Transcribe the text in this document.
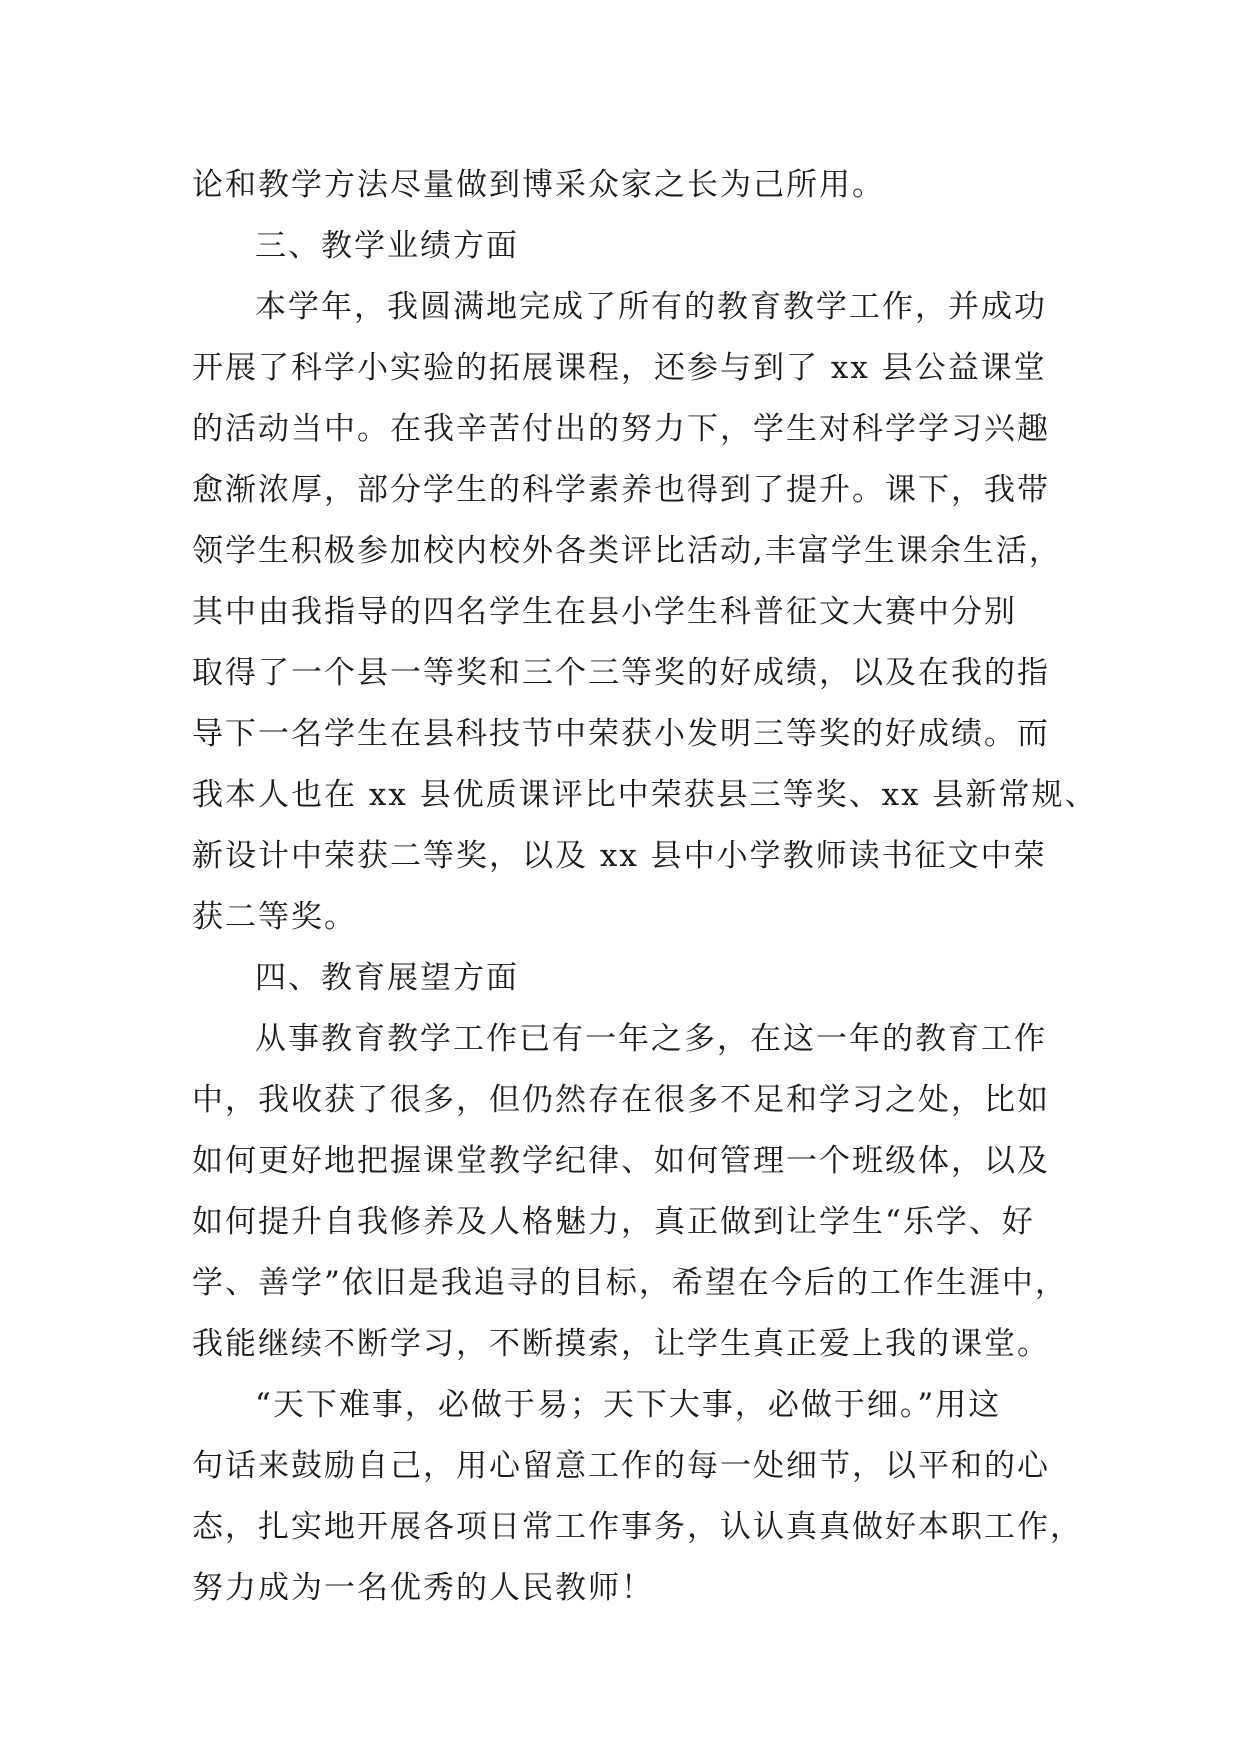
论和教学方法尽量做到博采众家之长为己所用。
三、教学业绩方面
本学年，我圆满地完成了所有的教育教学工作，并成功
开展了科学小实验的拓展课程，还参与到了 xx 县公益课堂
的活动当中。在我辛苦付出的努力下，学生对科学学习兴趣
愈渐浓厚，部分学生的科学素养也得到了提升。课下，我带
领学生积极参加校内校外各类评比活动,丰富学生课余生活，
其中由我指导的四名学生在县小学生科普征文大赛中分别
取得了一个县一等奖和三个三等奖的好成绩，以及在我的指
导下一名学生在县科技节中荣获小发明三等奖的好成绩。而
我本人也在 xx 县优质课评比中荣获县三等奖、xx 县新常规、
新设计中荣获二等奖，以及 xx 县中小学教师读书征文中荣
获二等奖。
四、教育展望方面
从事教育教学工作已有一年之多，在这一年的教育工作
中，我收获了很多，但仍然存在很多不足和学习之处，比如
如何更好地把握课堂教学纪律、如何管理一个班级体，以及
如何提升自我修养及人格魅力，真正做到让学生“乐学、好
学、善学”依旧是我追寻的目标，希望在今后的工作生涯中，
我能继续不断学习，不断摸索，让学生真正爱上我的课堂。
“天下难事，必做于易；天下大事，必做于细。”用这
句话来鼓励自己，用心留意工作的每一处细节，以平和的心
态，扎实地开展各项日常工作事务，认认真真做好本职工作，
努力成为一名优秀的人民教师！
